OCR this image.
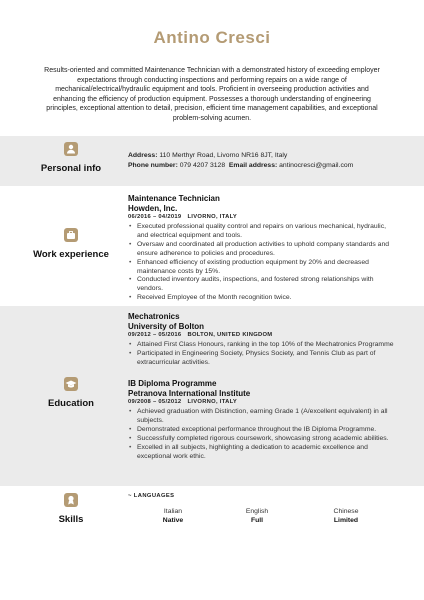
Antino Cresci
Results-oriented and committed Maintenance Technician with a demonstrated history of exceeding employer expectations through conducting inspections and performing repairs on a wide range of mechanical/electrical/hydraulic equipment and tools. Proficient in overseeing production activities and enhancing the efficiency of production equipment. Possesses a thorough understanding of engineering principles, exceptional attention to detail, precision, efficient time management capabilities, and exceptional problem-solving acumen.
Personal info
Address: 110 Merthyr Road, Livorno NR16 8JT, Italy
Phone number: 079 4207 3128 Email address: antinocresci@gmail.com
Work experience
Maintenance Technician
Howden, Inc.
06/2016 – 04/2019 LIVORNO, ITALY
• Executed professional quality control and repairs on various mechanical, hydraulic, and electrical equipment and tools.
• Oversaw and coordinated all production activities to uphold company standards and ensure adherence to policies and procedures.
• Enhanced efficiency of existing production equipment by 20% and decreased maintenance costs by 15%.
• Conducted inventory audits, inspections, and fostered strong relationships with vendors.
• Received Employee of the Month recognition twice.
Education
Mechatronics
University of Bolton
09/2012 – 05/2016 BOLTON, UNITED KINGDOM
• Attained First Class Honours, ranking in the top 10% of the Mechatronics Programme
• Participated in Engineering Society, Physics Society, and Tennis Club as part of extracurricular activities.
IB Diploma Programme
Petranova International Institute
09/2008 – 05/2012 LIVORNO, ITALY
• Achieved graduation with Distinction, earning Grade 1 (A/excellent equivalent) in all subjects.
• Demonstrated exceptional performance throughout the IB Diploma Programme.
• Successfully completed rigorous coursework, showcasing strong academic abilities.
• Excelled in all subjects, highlighting a dedication to academic excellence and exceptional work ethic.
Skills
~ LANGUAGES
Italian
Native
English
Full
Chinese
Limited
